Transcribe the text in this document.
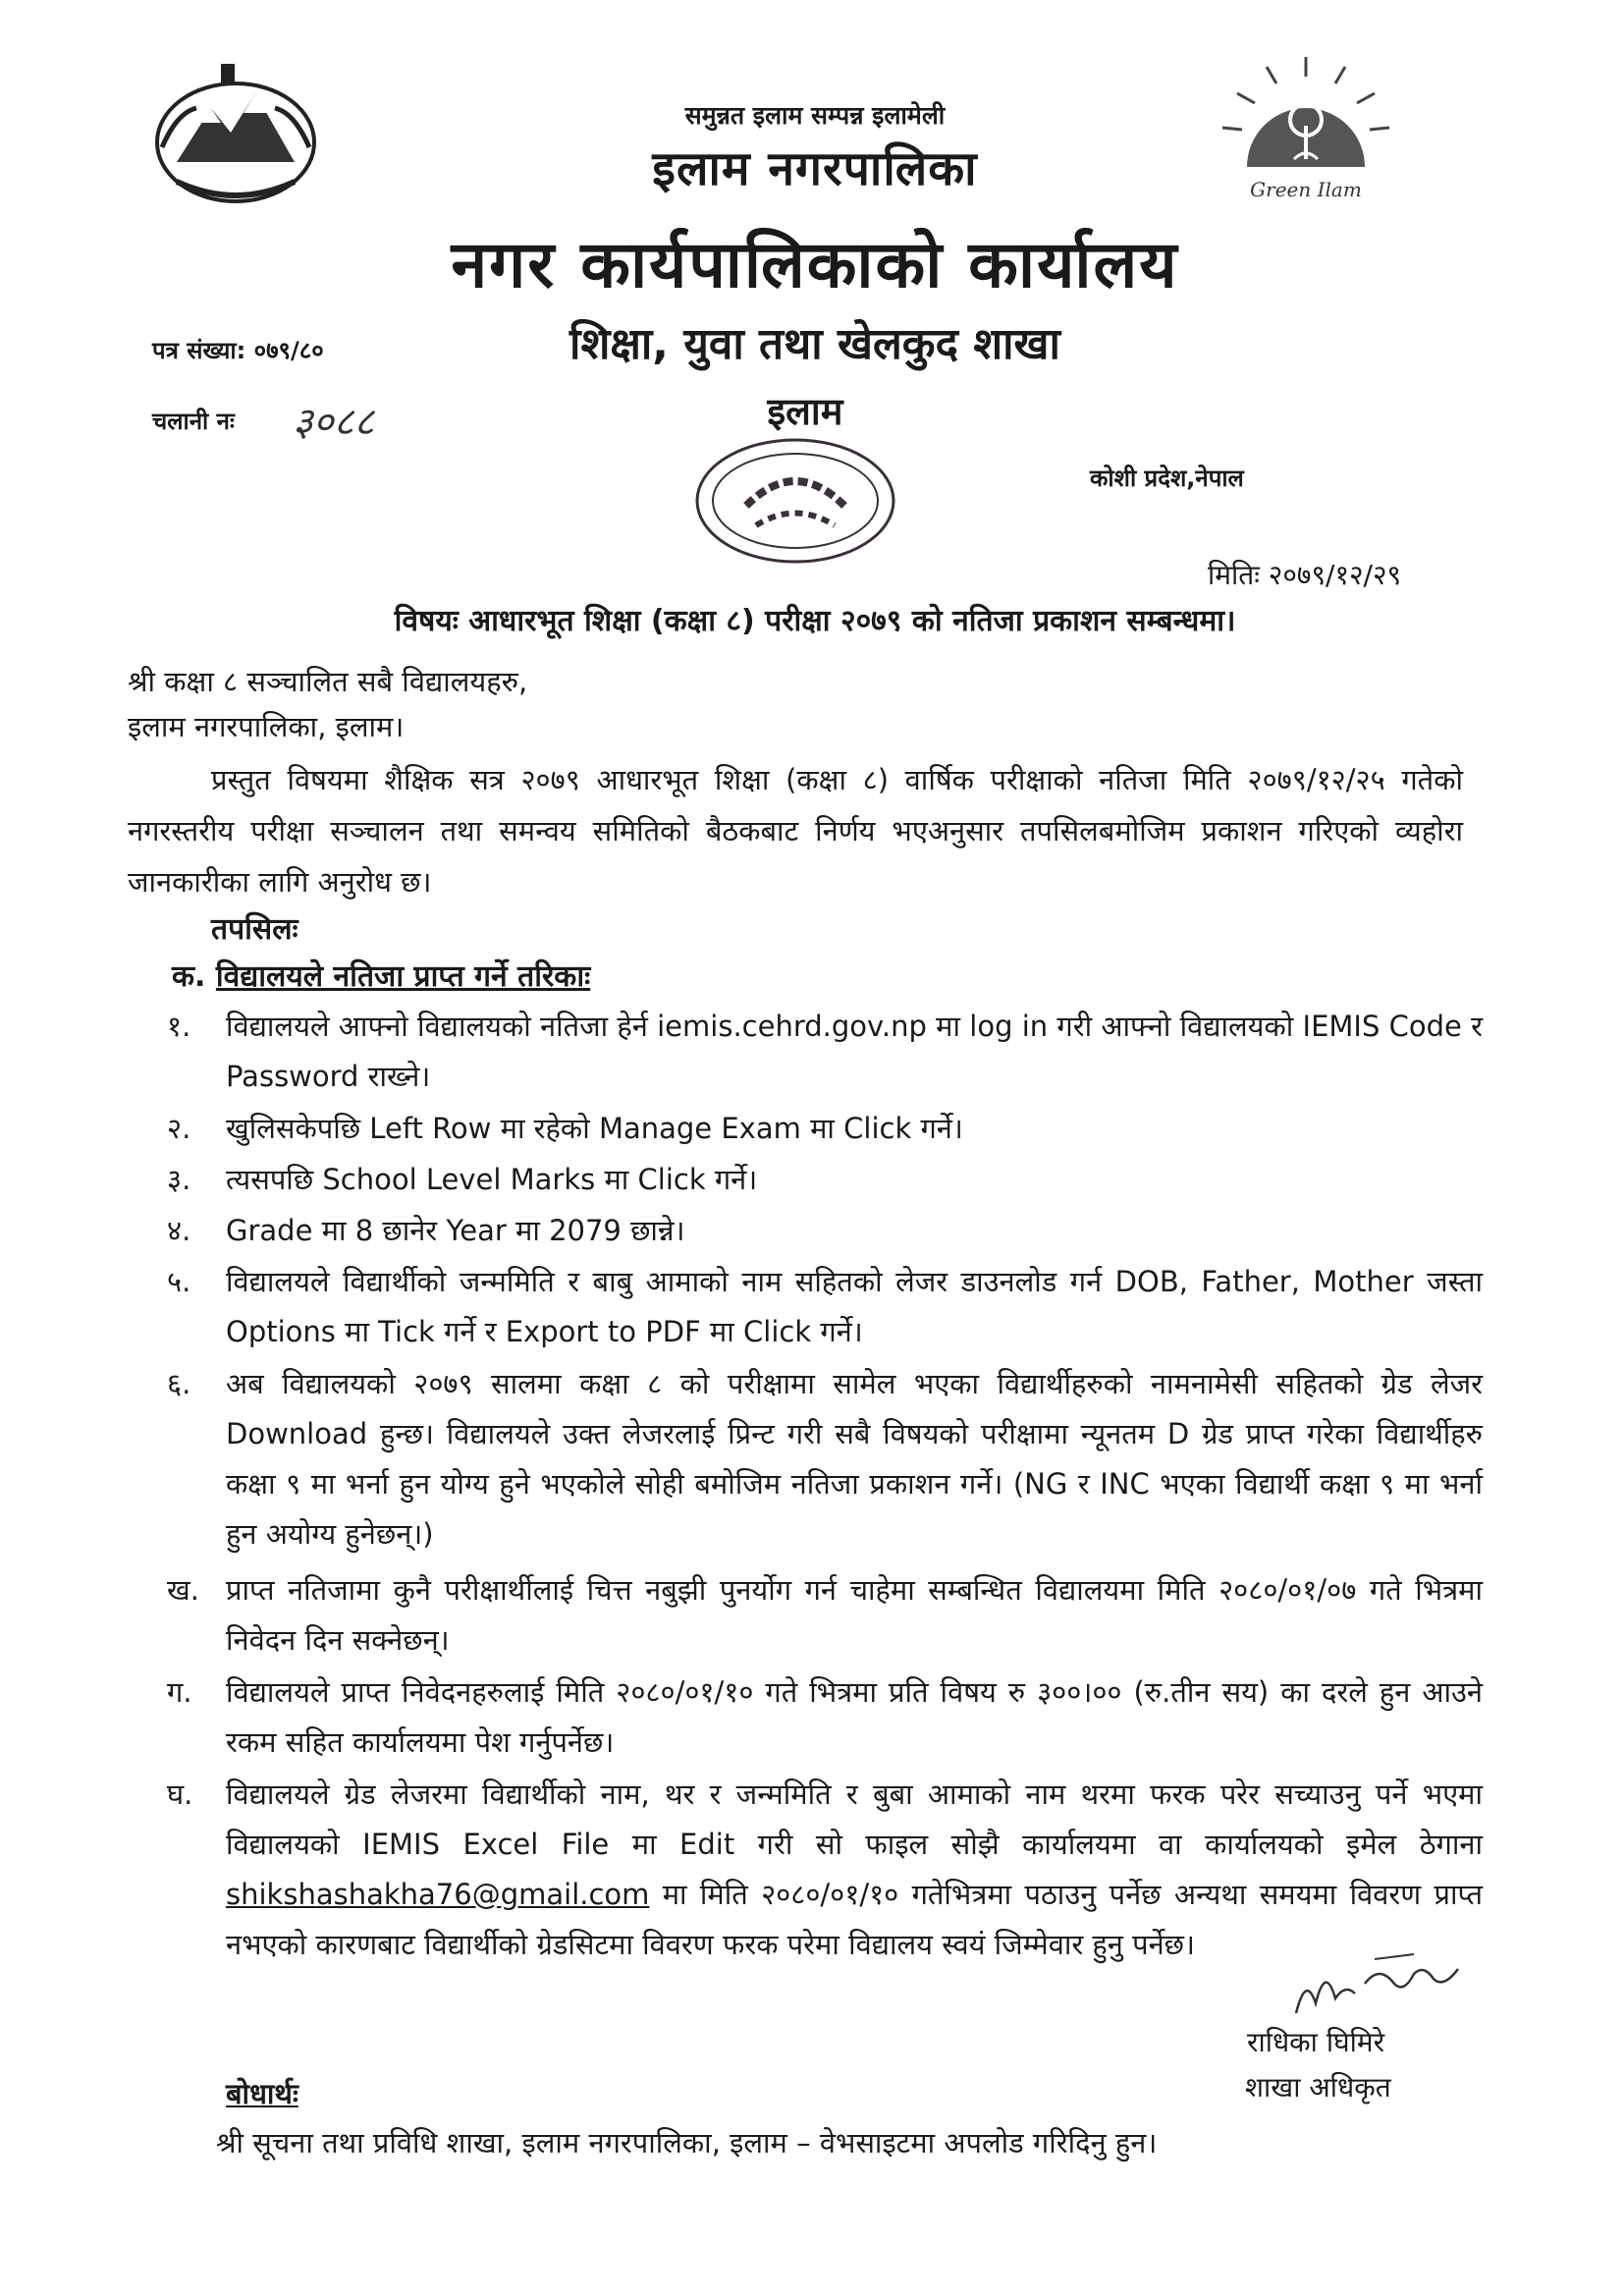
Green Ilam
समुन्नत इलाम सम्पन्न इलामेली
इलाम नगरपालिका
नगर कार्यपालिकाको कार्यालय
शिक्षा, युवा तथा खेलकुद शाखा
इलाम
कोशी प्रदेश,नेपाल
पत्र संख्या: ०७९/८०
चलानी नः ३०८८
मितिः २०७९/१२/२९
विषयः आधारभूत शिक्षा (कक्षा ८) परीक्षा २०७९ को नतिजा प्रकाशन सम्बन्धमा।
श्री कक्षा ८ सञ्चालित सबै विद्यालयहरु,
इलाम नगरपालिका, इलाम।
प्रस्तुत विषयमा शैक्षिक सत्र २०७९ आधारभूत शिक्षा (कक्षा ८) वार्षिक परीक्षाको नतिजा मिति २०७९/१२/२५ गतेको नगरस्तरीय परीक्षा सञ्चालन तथा समन्वय समितिको बैठकबाट निर्णय भएअनुसार तपसिलबमोजिम प्रकाशन गरिएको व्यहोरा जानकारीका लागि अनुरोध छ।
तपसिलः
क. विद्यालयले नतिजा प्राप्त गर्ने तरिकाः
१.	विद्यालयले आफ्नो विद्यालयको नतिजा हेर्न iemis.cehrd.gov.np मा log in गरी आफ्नो विद्यालयको IEMIS Code र Password राख्ने।
२.	खुलिसकेपछि Left Row मा रहेको Manage Exam मा Click गर्ने।
३.	त्यसपछि School Level Marks मा Click गर्ने।
४.	Grade मा 8 छानेर Year मा 2079 छान्ने।
५.	विद्यालयले विद्यार्थीको जन्ममिति र बाबु आमाको नाम सहितको लेजर डाउनलोड गर्न DOB, Father, Mother जस्ता Options मा Tick गर्ने र Export to PDF मा Click गर्ने।
६.	अब विद्यालयको २०७९ सालमा कक्षा ८ को परीक्षामा सामेल भएका विद्यार्थीहरुको नामनामेसी सहितको ग्रेड लेजर Download हुन्छ। विद्यालयले उक्त लेजरलाई प्रिन्ट गरी सबै विषयको परीक्षामा न्यूनतम D ग्रेड प्राप्त गरेका विद्यार्थीहरु कक्षा ९ मा भर्ना हुन योग्य हुने भएकोले सोही बमोजिम नतिजा प्रकाशन गर्ने। (NG र INC भएका विद्यार्थी कक्षा ९ मा भर्ना हुन अयोग्य हुनेछन्।)
ख. प्राप्त नतिजामा कुनै परीक्षार्थीलाई चित्त नबुझी पुनर्योग गर्न चाहेमा सम्बन्धित विद्यालयमा मिति २०८०/०१/०७ गते भित्रमा निवेदन दिन सक्नेछन्।
ग.	विद्यालयले प्राप्त निवेदनहरुलाई मिति २०८०/०१/१० गते भित्रमा प्रति विषय रु ३००।०० (रु.तीन सय) का दरले हुन आउने रकम सहित कार्यालयमा पेश गर्नुपर्नेछ।
घ.	विद्यालयले ग्रेड लेजरमा विद्यार्थीको नाम, थर र जन्ममिति र बुबा आमाको नाम थरमा फरक परेर सच्याउनु पर्ने भएमा विद्यालयको IEMIS Excel File मा Edit गरी सो फाइल सोझै कार्यालयमा वा कार्यालयको इमेल ठेगाना shikshashakha76@gmail.com मा मिति २०८०/०१/१० गतेभित्रमा पठाउनु पर्नेछ अन्यथा समयमा विवरण प्राप्त नभएको कारणबाट विद्यार्थीको ग्रेडसिटमा विवरण फरक परेमा विद्यालय स्वयं जिम्मेवार हुनु पर्नेछ।
राधिका घिमिरे
शाखा अधिकृत
बोधार्थः
श्री सूचना तथा प्रविधि शाखा, इलाम नगरपालिका, इलाम – वेभसाइटमा अपलोड गरिदिनु हुन।
